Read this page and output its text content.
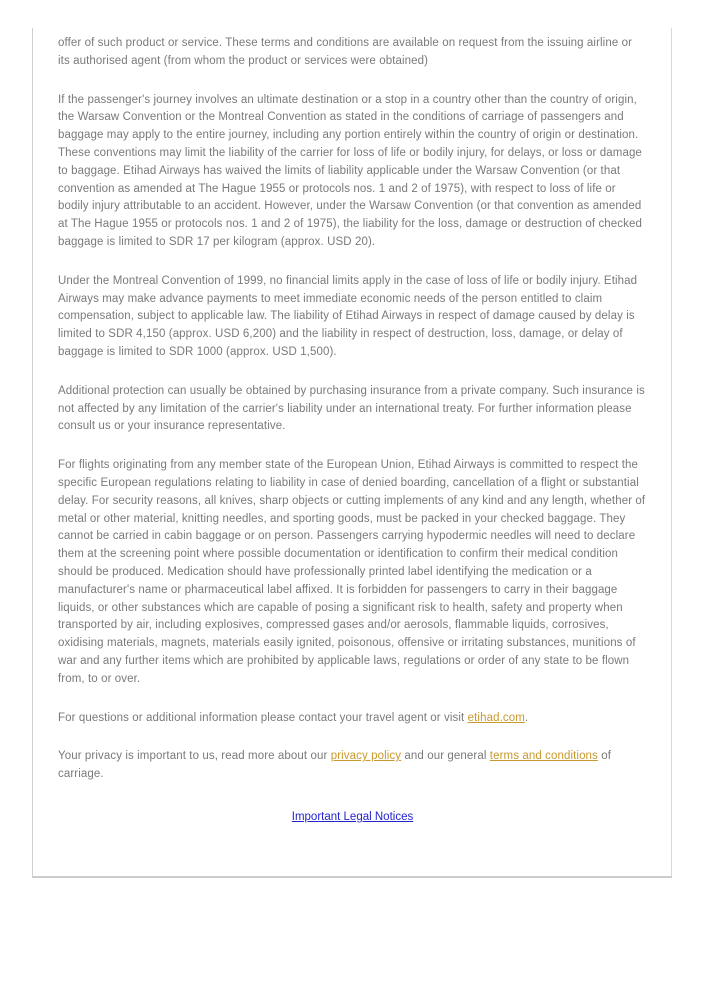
offer of such product or service. These terms and conditions are available on request from the issuing airline or its authorised agent (from whom the product or services were obtained)

If the passenger's journey involves an ultimate destination or a stop in a country other than the country of origin, the Warsaw Convention or the Montreal Convention as stated in the conditions of carriage of passengers and baggage may apply to the entire journey, including any portion entirely within the country of origin or destination. These conventions may limit the liability of the carrier for loss of life or bodily injury, for delays, or loss or damage to baggage. Etihad Airways has waived the limits of liability applicable under the Warsaw Convention (or that convention as amended at The Hague 1955 or protocols nos. 1 and 2 of 1975), with respect to loss of life or bodily injury attributable to an accident. However, under the Warsaw Convention (or that convention as amended at The Hague 1955 or protocols nos. 1 and 2 of 1975), the liability for the loss, damage or destruction of checked baggage is limited to SDR 17 per kilogram (approx. USD 20).

Under the Montreal Convention of 1999, no financial limits apply in the case of loss of life or bodily injury. Etihad Airways may make advance payments to meet immediate economic needs of the person entitled to claim compensation, subject to applicable law. The liability of Etihad Airways in respect of damage caused by delay is limited to SDR 4,150 (approx. USD 6,200) and the liability in respect of destruction, loss, damage, or delay of baggage is limited to SDR 1000 (approx. USD 1,500).

Additional protection can usually be obtained by purchasing insurance from a private company. Such insurance is not affected by any limitation of the carrier's liability under an international treaty. For further information please consult us or your insurance representative.

For flights originating from any member state of the European Union, Etihad Airways is committed to respect the specific European regulations relating to liability in case of denied boarding, cancellation of a flight or substantial delay. For security reasons, all knives, sharp objects or cutting implements of any kind and any length, whether of metal or other material, knitting needles, and sporting goods, must be packed in your checked baggage. They cannot be carried in cabin baggage or on person. Passengers carrying hypodermic needles will need to declare them at the screening point where possible documentation or identification to confirm their medical condition should be produced. Medication should have professionally printed label identifying the medication or a manufacturer's name or pharmaceutical label affixed. It is forbidden for passengers to carry in their baggage liquids, or other substances which are capable of posing a significant risk to health, safety and property when transported by air, including explosives, compressed gases and/or aerosols, flammable liquids, corrosives, oxidising materials, magnets, materials easily ignited, poisonous, offensive or irritating substances, munitions of war and any further items which are prohibited by applicable laws, regulations or order of any state to be flown from, to or over.

For questions or additional information please contact your travel agent or visit etihad.com.

Your privacy is important to us, read more about our privacy policy and our general terms and conditions of carriage.

Important Legal Notices
